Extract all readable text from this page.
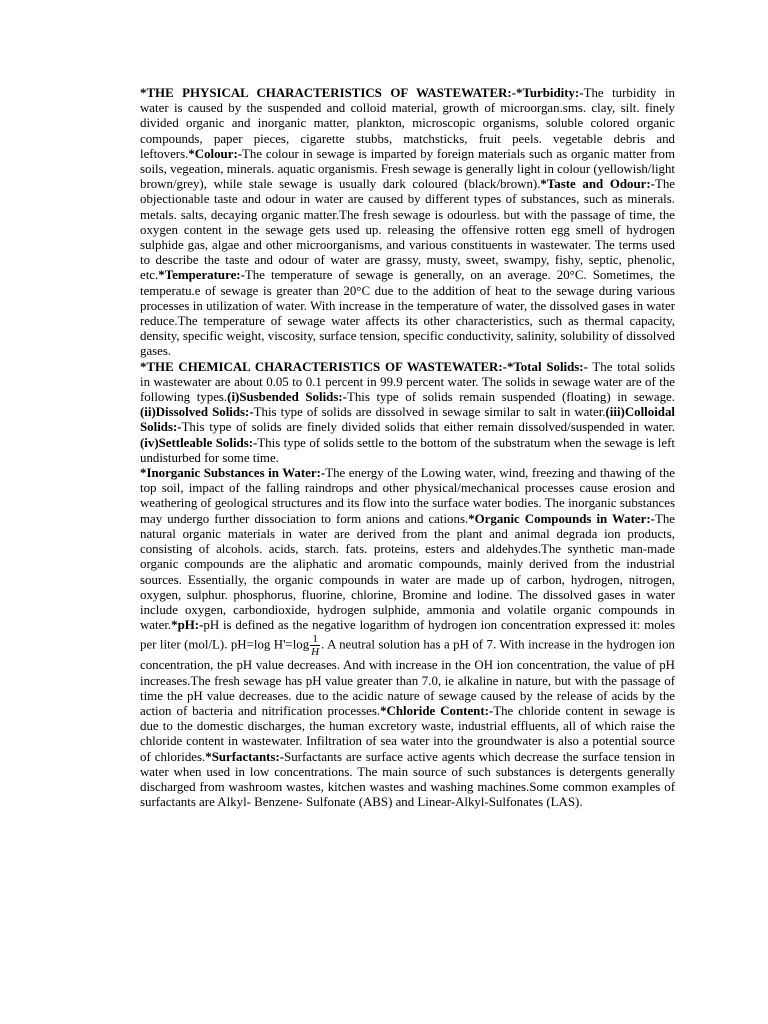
*THE PHYSICAL CHARACTERISTICS OF WASTEWATER:-*Turbidity:-The turbidity in water is caused by the suspended and colloid material, growth of microorgan.sms. clay, silt. finely divided organic and inorganic matter, plankton, microscopic organisms, soluble colored organic compounds, paper pieces, cigarette stubbs, matchsticks, fruit peels. vegetable debris and leftovers.*Colour:-The colour in sewage is imparted by foreign materials such as organic matter from soils, vegeation, minerals. aquatic organismis. Fresh sewage is generally light in colour (yellowish/light brown/grey), while stale sewage is usually dark coloured (black/brown).*Taste and Odour:-The objectionable taste and odour in water are caused by different types of substances, such as minerals. metals. salts, decaying organic matter.The fresh sewage is odourless. but with the passage of time, the oxygen content in the sewage gets used up. releasing the offensive rotten egg smell of hydrogen sulphide gas, algae and other microorganisms, and various constituents in wastewater. The terms used to describe the taste and odour of water are grassy, musty, sweet, swampy, fishy, septic, phenolic, etc.*Temperature:-The temperature of sewage is generally, on an average. 20°C. Sometimes, the temperatu.e of sewage is greater than 20°C due to the addition of heat to the sewage during various processes in utilization of water. With increase in the temperature of water, the dissolved gases in water reduce.The temperature of sewage water affects its other characteristics, such as thermal capacity, density, specific weight, viscosity, surface tension, specific conductivity, salinity, solubility of dissolved gases.

*THE CHEMICAL CHARACTERISTICS OF WASTEWATER:-*Total Solids:- The total solids in wastewater are about 0.05 to 0.1 percent in 99.9 percent water. The solids in sewage water are of the following types.(i)Susbended Solids:-This type of solids remain suspended (floating) in sewage.(ii)Dissolved Solids:-This type of solids are dissolved in sewage similar to salt in water.(iii)Colloidal Solids:-This type of solids are finely divided solids that either remain dissolved/suspended in water.(iv)Settleable Solids:-This type of solids settle to the bottom of the substratum when the sewage is left undisturbed for some time.

*Inorganic Substances in Water:-The energy of the Lowing water, wind, freezing and thawing of the top soil, impact of the falling raindrops and other physical/mechanical processes cause erosion and weathering of geological structures and its flow into the surface water bodies. The inorganic substances may undergo further dissociation to form anions and cations.*Organic Compounds in Water:-The natural organic materials in water are derived from the plant and animal degrada ion products, consisting of alcohols. acids, starch. fats. proteins, esters and aldehydes.The synthetic man-made organic compounds are the aliphatic and aromatic compounds, mainly derived from the industrial sources. Essentially, the organic compounds in water are made up of carbon, hydrogen, nitrogen, oxygen, sulphur. phosphorus, fluorine, chlorine, Bromine and lodine. The dissolved gases in water include oxygen, carbondioxide, hydrogen sulphide, ammonia and volatile organic compounds in water.*pH:-pH is defined as the negative logarithm of hydrogen ion concentration expressed it: moles per liter (mol/L). pH=log $H'=\log \frac{1}{H}$ . A neutral solution has a pH of 7. With increase in the hydrogen ion concentration, the pH value decreases. And with increase in the OH ion concentration, the value of pH increases.The fresh sewage has pH value greater than 7.0, ie alkaline in nature, but with the passage of time the pH value decreases. due to the acidic nature of sewage caused by the release of acids by the action of bacteria and nitrification processes.*Chloride Content:-The chloride content in sewage is due to the domestic discharges, the human excretory waste, industrial effluents, all of which raise the chloride content in wastewater. Infiltration of sea water into the groundwater is also a potential source of chlorides.*Surfactants:-Surfactants are surface active agents which decrease the surface tension in water when used in low concentrations. The main source of such substances is detergents generally discharged from washroom wastes, kitchen wastes and washing machines.Some common examples of surfactants are Alkyl- Benzene- Sulfonate (ABS) and Linear-Alkyl-Sulfonates (LAS).
